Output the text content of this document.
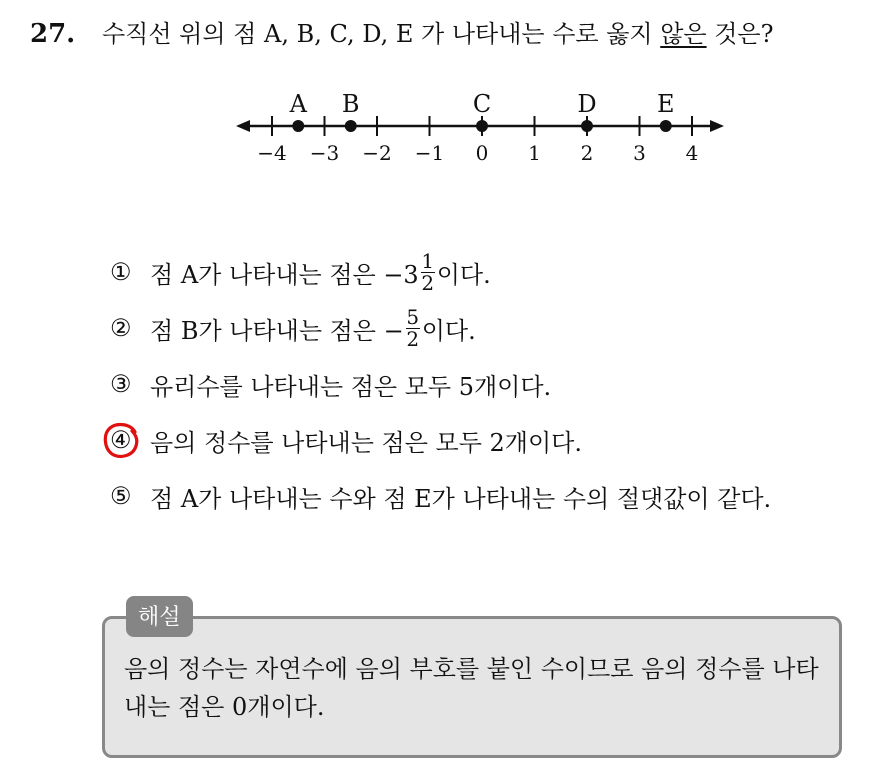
27.	수직선 위의 점 A, B, C, D, E 가 나타내는 수로 옳지 않은 것은?
−4 −3 −2 −1 0 1 2 3 4
A B	C	D	E
① 점 A가 나타내는 점은 $-3 \frac{1}{2}$ 이다.
② 점 B가 나타내는 점은 − $\frac{5}{2}$ 이다.
③ 유리수를 나타내는 점은 모두 5개이다.
④ 음의 정수를 나타내는 점은 모두 2개이다.
⑤ 점 A가 나타내는 수와 점 E가 나타내는 수의 절댓값이 같다.
해설
음의 정수는 자연수에 음의 부호를 붙인 수이므로 음의 정수를 나타내는 점은 0개이다.
